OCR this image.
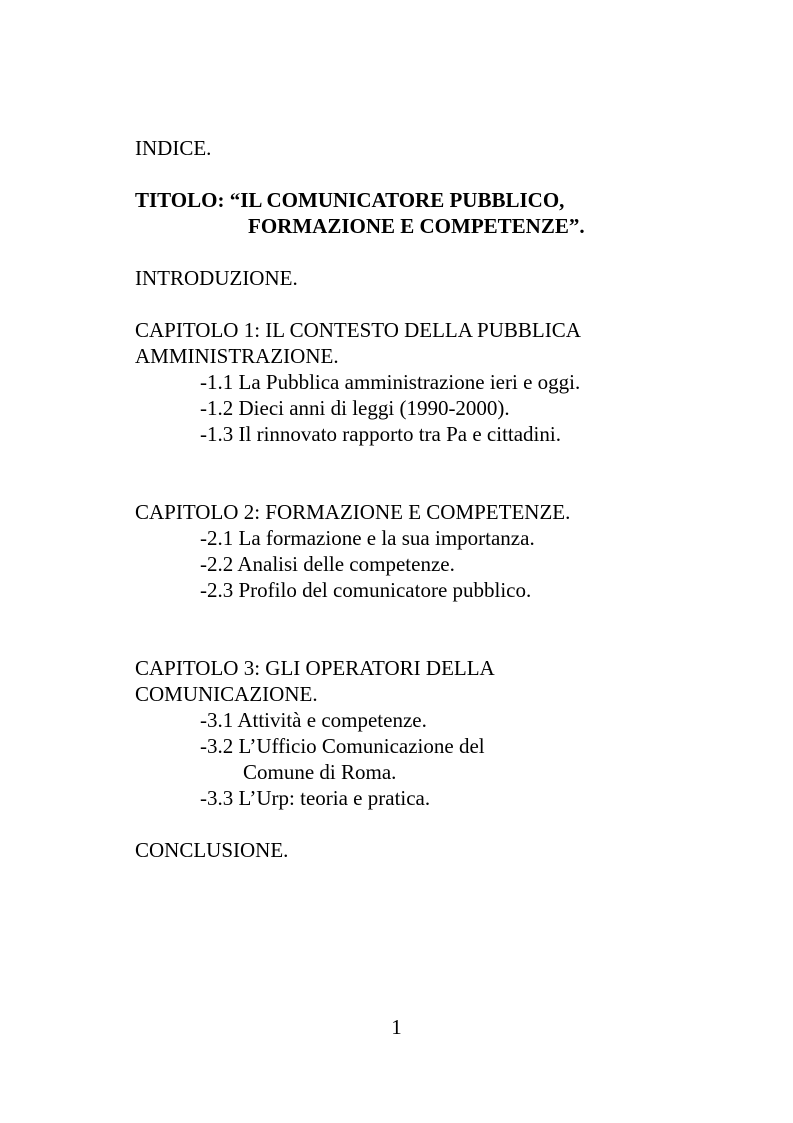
INDICE.
TITOLO: “IL COMUNICATORE PUBBLICO,
FORMAZIONE E COMPETENZE”.
INTRODUZIONE.
CAPITOLO 1: IL CONTESTO DELLA PUBBLICA
AMMINISTRAZIONE.
-1.1 La Pubblica amministrazione ieri e oggi.
-1.2 Dieci anni di leggi (1990-2000).
-1.3 Il rinnovato rapporto tra Pa e cittadini.
CAPITOLO 2: FORMAZIONE E COMPETENZE.
-2.1 La formazione e la sua importanza.
-2.2 Analisi delle competenze.
-2.3 Profilo del comunicatore pubblico.
CAPITOLO 3: GLI OPERATORI DELLA
COMUNICAZIONE.
-3.1 Attività e competenze.
-3.2 L’Ufficio Comunicazione del
Comune di Roma.
-3.3 L’Urp: teoria e pratica.
CONCLUSIONE.
1
